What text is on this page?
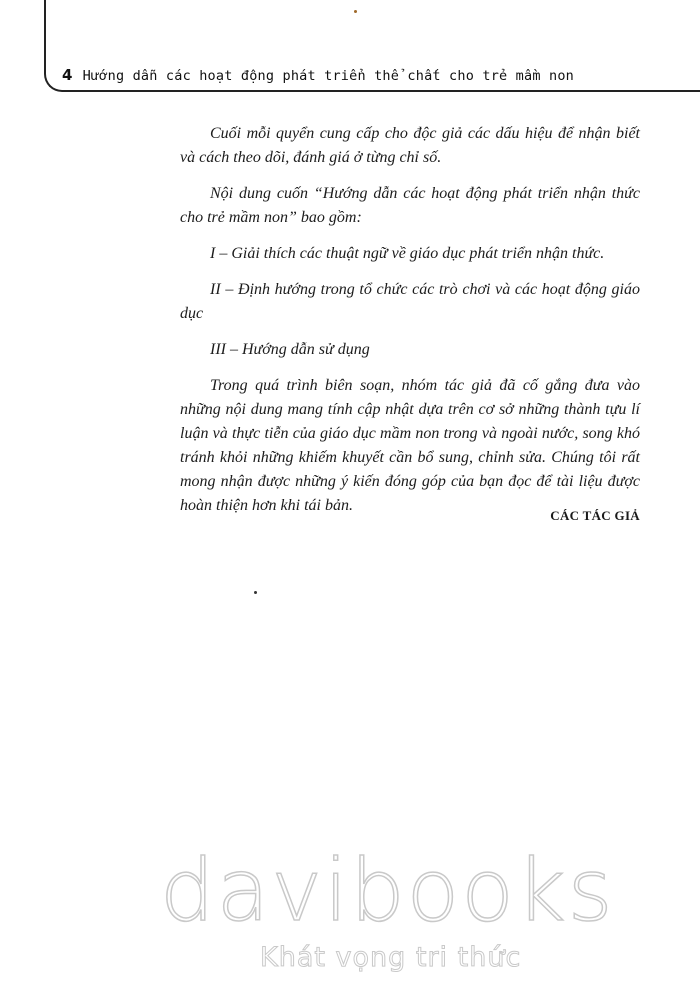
4 Hướng dẫn các hoạt động phát triển thể chất cho trẻ mầm non

Cuối mỗi quyển cung cấp cho độc giả các dấu hiệu để nhận biết và cách theo dõi, đánh giá ở từng chỉ số.

Nội dung cuốn “Hướng dẫn các hoạt động phát triển nhận thức cho trẻ mầm non” bao gồm:

I – Giải thích các thuật ngữ về giáo dục phát triển nhận thức.

II – Định hướng trong tổ chức các trò chơi và các hoạt động giáo dục

III – Hướng dẫn sử dụng

Trong quá trình biên soạn, nhóm tác giả đã cố gắng đưa vào những nội dung mang tính cập nhật dựa trên cơ sở những thành tựu lí luận và thực tiễn của giáo dục mầm non trong và ngoài nước, song khó tránh khỏi những khiếm khuyết cần bổ sung, chỉnh sửa. Chúng tôi rất mong nhận được những ý kiến đóng góp của bạn đọc để tài liệu được hoàn thiện hơn khi tái bản.

CÁC TÁC GIẢ
davibooks
Khát vọng tri thức
